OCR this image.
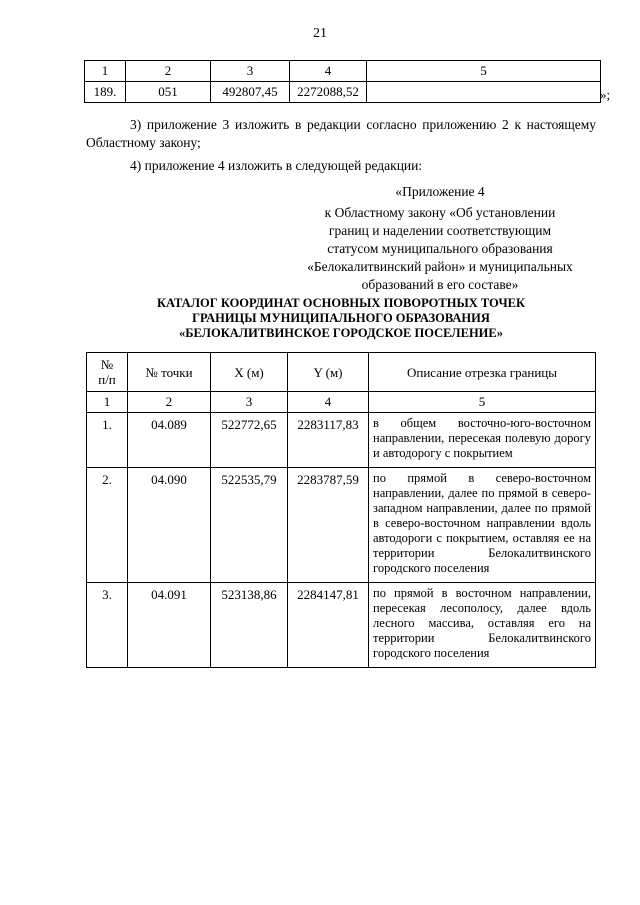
21
1	2	3	4	5
189.	051	492807,45	2272088,52		»;
3) приложение 3 изложить в редакции согласно приложению 2 к настоящему Областному закону;
4) приложение 4 изложить в следующей редакции:
«Приложение 4
к Областному закону «Об установлении
границ и наделении соответствующим
статусом муниципального образования
«Белокалитвинский район» и муниципальных
образований в его составе»
КАТАЛОГ КООРДИНАТ ОСНОВНЫХ ПОВОРОТНЫХ ТОЧЕК
ГРАНИЦЫ МУНИЦИПАЛЬНОГО ОБРАЗОВАНИЯ
«БЕЛОКАЛИТВИНСКОЕ ГОРОДСКОЕ ПОСЕЛЕНИЕ»
№
п/п	№ точки	X (м)	Y (м)	Описание отрезка границы
1	2	3	4	5
1.	04.089	522772,65	2283117,83	в общем восточно-юго-восточном направлении, пересекая полевую дорогу и автодорогу с покрытием
2.	04.090	522535,79	2283787,59	по прямой в северо-восточном направлении, далее по прямой в северо-западном направлении, далее по прямой в северо-восточном направлении вдоль автодороги с покрытием, оставляя ее на территории Белокалитвинского городского поселения
3.	04.091	523138,86	2284147,81	по прямой в восточном направлении, пересекая лесополосу, далее вдоль лесного массива, оставляя его на территории Белокалитвинского городского поселения
